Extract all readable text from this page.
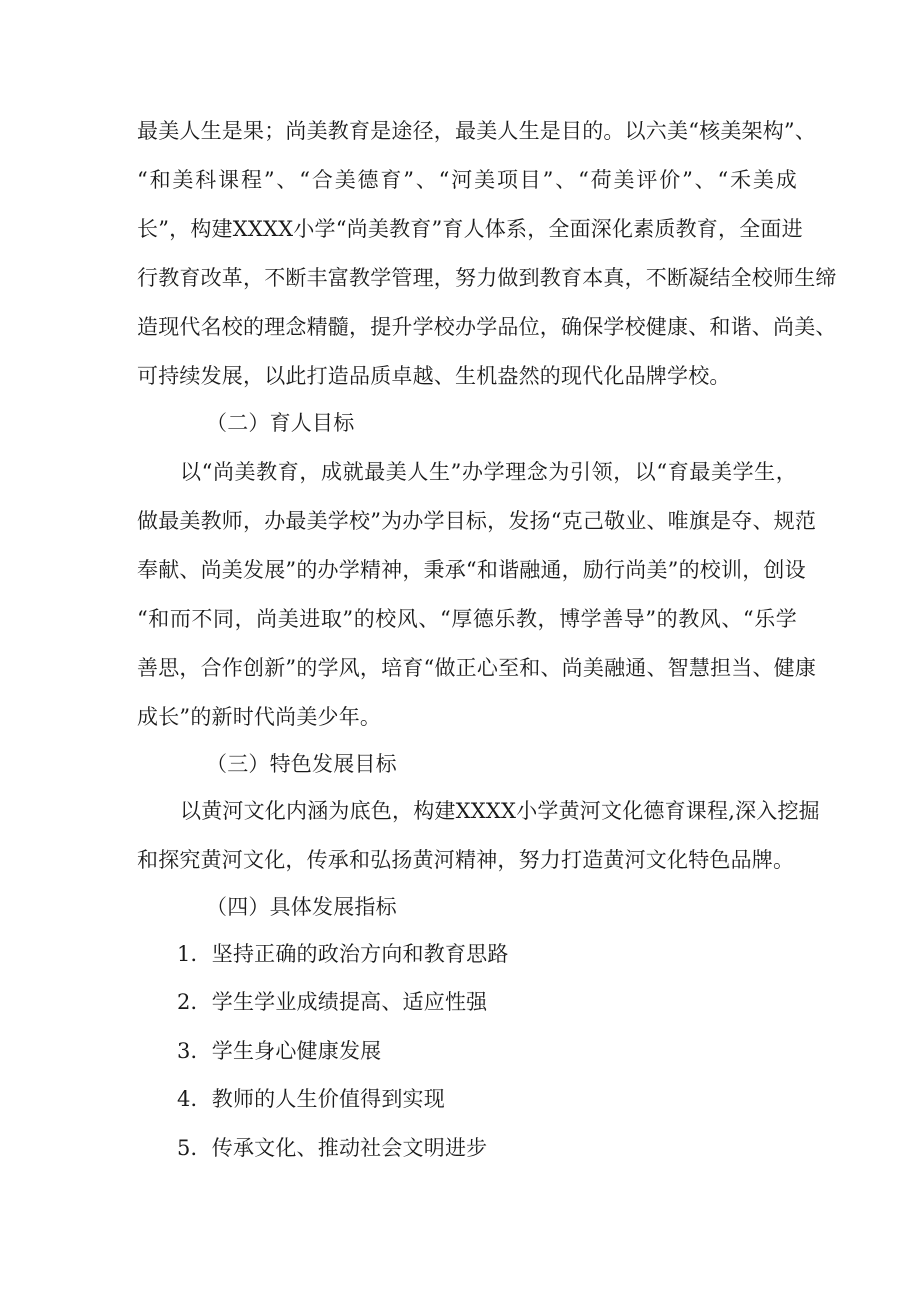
最美人生是果；尚美教育是途径，最美人生是目的。以六美“核美架构”、
“和美科课程”、“合美德育”、“河美项目”、“荷美评价”、“禾美成
长”，构建XXXX小学“尚美教育”育人体系，全面深化素质教育，全面进
行教育改革，不断丰富教学管理，努力做到教育本真，不断凝结全校师生缔
造现代名校的理念精髓，提升学校办学品位，确保学校健康、和谐、尚美、
可持续发展，以此打造品质卓越、生机盎然的现代化品牌学校。
（二）育人目标
以“尚美教育，成就最美人生”办学理念为引领，以“育最美学生，
做最美教师，办最美学校”为办学目标，发扬“克己敬业、唯旗是夺、规范
奉献、尚美发展”的办学精神，秉承“和谐融通，励行尚美”的校训，创设
“和而不同，尚美进取”的校风、“厚德乐教，博学善导”的教风、“乐学
善思，合作创新”的学风，培育“做正心至和、尚美融通、智慧担当、健康
成长”的新时代尚美少年。
（三）特色发展目标
以黄河文化内涵为底色，构建XXXX小学黄河文化德育课程,深入挖掘
和探究黄河文化，传承和弘扬黄河精神，努力打造黄河文化特色品牌。
（四）具体发展指标
1．坚持正确的政治方向和教育思路
2．学生学业成绩提高、适应性强
3．学生身心健康发展
4．教师的人生价值得到实现
5．传承文化、推动社会文明进步
